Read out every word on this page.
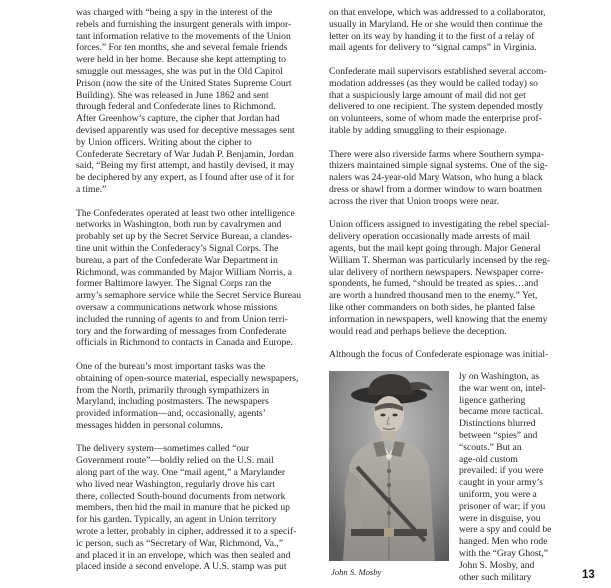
was charged with “being a spy in the interest of the
rebels and furnishing the insurgent generals with impor-
tant information relative to the movements of the Union
forces.” For ten months, she and several female friends
were held in her home. Because she kept attempting to
smuggle out messages, she was put in the Old Capitol
Prison (now the site of the United States Supreme Court
Building). She was released in June 1862 and sent
through federal and Confederate lines to Richmond.
After Greenhow’s capture, the cipher that Jordan had
devised apparently was used for deceptive messages sent
by Union officers. Writing about the cipher to
Confederate Secretary of War Judah P. Benjamin, Jordan
said, “Being my first attempt, and hastily devised, it may
be deciphered by any expert, as I found after use of it for
a time.”

The Confederates operated at least two other intelligence
networks in Washington, both run by cavalrymen and
probably set up by the Secret Service Bureau, a clandes-
tine unit within the Confederacy’s Signal Corps. The
bureau, a part of the Confederate War Department in
Richmond, was commanded by Major William Norris, a
former Baltimore lawyer. The Signal Corps ran the
army’s semaphore service while the Secret Service Bureau
oversaw a communications network whose missions
included the running of agents to and from Union terri-
tory and the forwarding of messages from Confederate
officials in Richmond to contacts in Canada and Europe.

One of the bureau’s most important tasks was the
obtaining of open-source material, especially newspapers,
from the North, primarily through sympathizers in
Maryland, including postmasters. The newspapers
provided information—and, occasionally, agents’
messages hidden in personal columns.

The delivery system—sometimes called “our
Government route”—boldly relied on the U.S. mail
along part of the way. One “mail agent,” a Marylander
who lived near Washington, regularly drove his cart
there, collected South-bound documents from network
members, then hid the mail in manure that he picked up
for his garden. Typically, an agent in Union territory
wrote a letter, probably in cipher, addressed it to a specif-
ic person, such as “Secretary of War, Richmond, Va.,”
and placed it in an envelope, which was then sealed and
placed inside a second envelope. A U.S. stamp was put

on that envelope, which was addressed to a collaborator,
usually in Maryland. He or she would then continue the
letter on its way by handing it to the first of a relay of
mail agents for delivery to “signal camps” in Virginia.

Confederate mail supervisors established several accom-
modation addresses (as they would be called today) so
that a suspiciously large amount of mail did not get
delivered to one recipient. The system depended mostly
on volunteers, some of whom made the enterprise prof-
itable by adding smuggling to their espionage.

There were also riverside farms where Southern sympa-
thizers maintained simple signal systems. One of the sig-
nalers was 24-year-old Mary Watson, who hung a black
dress or shawl from a dormer window to warn boatmen
across the river that Union troops were near.

Union officers assigned to investigating the rebel special-
delivery operation occasionally made arrests of mail
agents, but the mail kept going through. Major General
William T. Sherman was particularly incensed by the reg-
ular delivery of northern newspapers. Newspaper corre-
spondents, he fumed, “should be treated as spies…and
are worth a hundred thousand men to the enemy.” Yet,
like other commanders on both sides, he planted false
information in newspapers, well knowing that the enemy
would read and perhaps believe the deception.

Although the focus of Confederate espionage was initial-

John S. Mosby
ly on Washington, as
the war went on, intel-
ligence gathering
became more tactical.
Distinctions blurred
between “spies” and
“scouts.” But an
age-old custom
prevailed: if you were
caught in your army’s
uniform, you were a
prisoner of war; if you
were in disguise, you
were a spy and could be
hanged. Men who rode
with the “Gray Ghost,”
John S. Mosby, and
other such military	13
